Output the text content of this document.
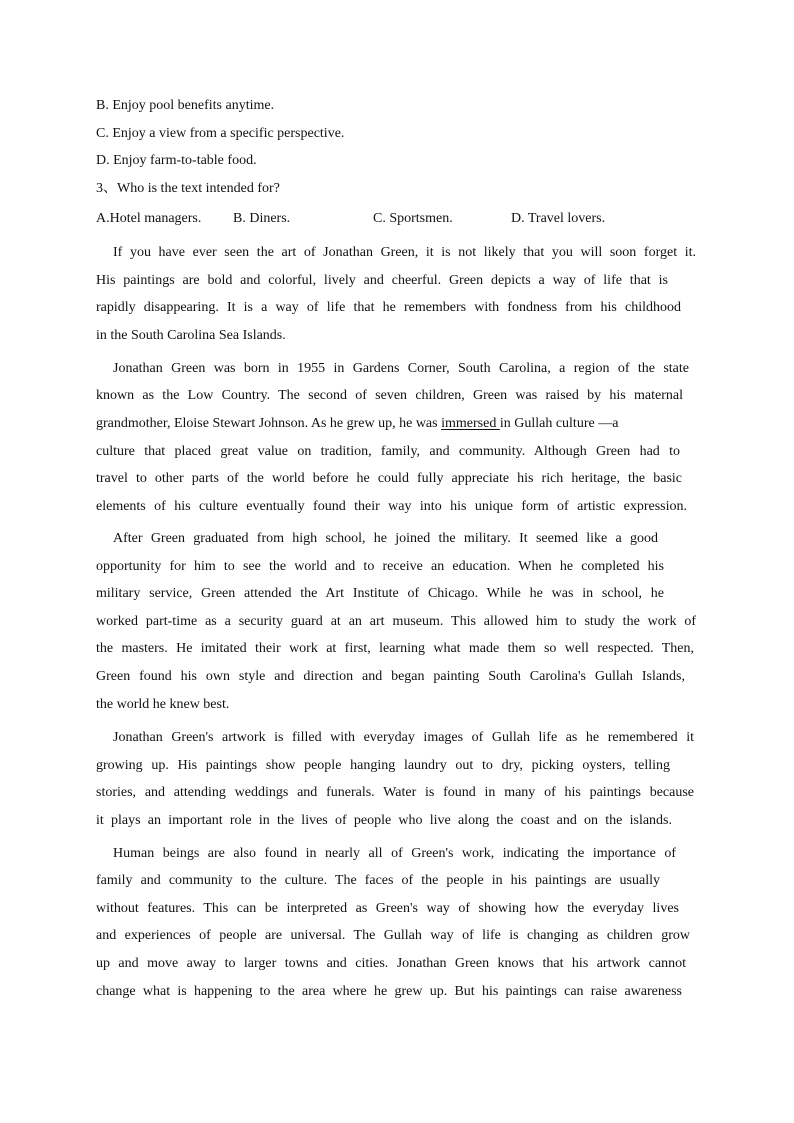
B. Enjoy pool benefits anytime.
C. Enjoy a view from a specific perspective.
D. Enjoy farm-to-table food.
3、Who is the text intended for?
A.Hotel managers. B. Diners.	C. Sportsmen.	D. Travel lovers.
If you have ever seen the art of Jonathan Green, it is not likely that you will soon forget it.
His paintings are bold and colorful, lively and cheerful. Green depicts a way of life that is
rapidly disappearing. It is a way of life that he remembers with fondness from his childhood
in the South Carolina Sea Islands.
Jonathan Green was born in 1955 in Gardens Corner, South Carolina, a region of the state
known as the Low Country. The second of seven children, Green was raised by his maternal
grandmother, Eloise Stewart Johnson. As he grew up, he was immersed in Gullah culture —a
culture that placed great value on tradition, family, and community. Although Green had to
travel to other parts of the world before he could fully appreciate his rich heritage, the basic
elements of his culture eventually found their way into his unique form of artistic expression.
After Green graduated from high school, he joined the military. It seemed like a good
opportunity for him to see the world and to receive an education. When he completed his
military service, Green attended the Art Institute of Chicago. While he was in school, he
worked part-time as a security guard at an art museum. This allowed him to study the work of
the masters. He imitated their work at first, learning what made them so well respected. Then,
Green found his own style and direction and began painting South Carolina's Gullah Islands,
the world he knew best.
Jonathan Green's artwork is filled with everyday images of Gullah life as he remembered it
growing up. His paintings show people hanging laundry out to dry, picking oysters, telling
stories, and attending weddings and funerals. Water is found in many of his paintings because
it plays an important role in the lives of people who live along the coast and on the islands.
Human beings are also found in nearly all of Green's work, indicating the importance of
family and community to the culture. The faces of the people in his paintings are usually
without features. This can be interpreted as Green's way of showing how the everyday lives
and experiences of people are universal. The Gullah way of life is changing as children grow
up and move away to larger towns and cities. Jonathan Green knows that his artwork cannot
change what is happening to the area where he grew up. But his paintings can raise awareness
